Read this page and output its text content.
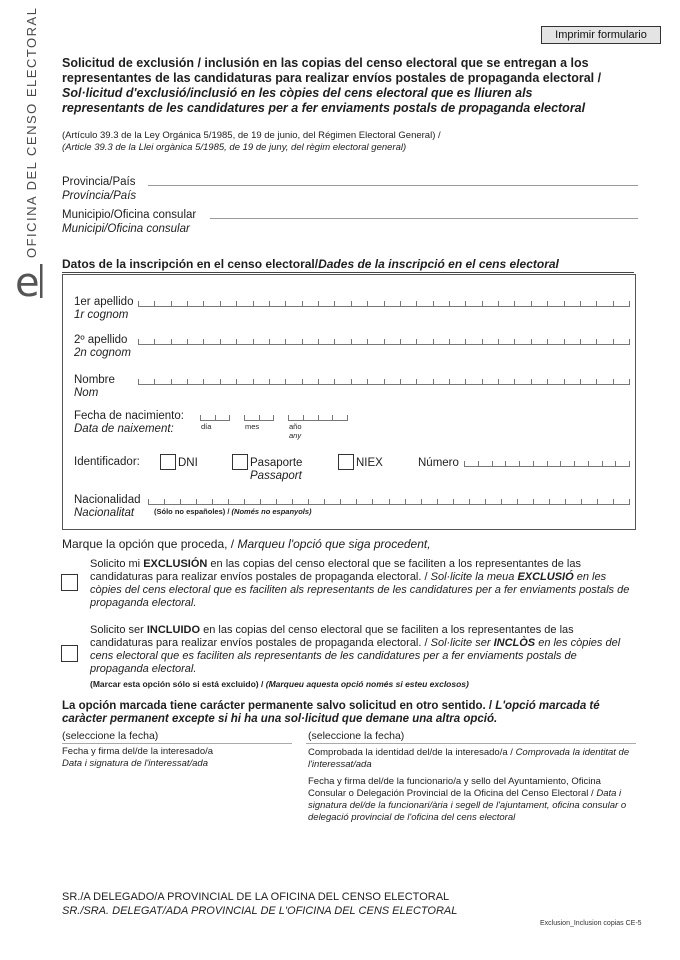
Imprimir formulario
e
OFICINA DEL CENSO ELECTORAL Solicitud de exclusión / inclusión en las copias del censo electoral que se entregan a los
representantes de las candidaturas para realizar envíos postales de propaganda electoral /
Sol·licitud d'exclusió/inclusió en les còpies del cens electoral que es lliuren als
representants de les candidatures per a fer enviaments postals de propaganda electoral
(Artículo 39.3 de la Ley Orgánica 5/1985, de 19 de junio, del Régimen Electoral General) /
(Article 39.3 de la Llei orgànica 5/1985, de 19 de juny, del règim electoral general)
Provincia/País
Província/País
Municipio/Oficina consular
Municipi/Oficina consular
Datos de la inscripción en el censo electoral/Dades de la inscripció en el cens electoral
1er apellido
1r cognom
2º apellido
2n cognom
Nombre
Nom
Fecha de nacimiento:
Data de naixement:	día	mes	año
any
Identificador:	DNI	Pasaporte
Passaport
NIEX	Número
Nacionalidad
Nacionalitat	(Sólo no españoles) / (Només no espanyols)
Marque la opción que proceda, / Marqueu l'opció que siga procedent,
Solicito mi EXCLUSIÓN en las copias del censo electoral que se faciliten a los representantes de las candidaturas para realizar envíos postales de propaganda electoral. / Sol·licite la meua EXCLUSIÓ en les còpies del cens electoral que es faciliten als representants de les candidatures per a fer enviaments postals de propaganda electoral.
Solicito ser INCLUIDO en las copias del censo electoral que se faciliten a los representantes de las candidaturas para realizar envíos postales de propaganda electoral. / Sol·licite ser INCLÒS en les còpies del cens electoral que es faciliten als representants de les candidatures per a fer enviaments postals de propaganda electoral.
(Marcar esta opción sólo si está excluido) / (Marqueu aquesta opció només si esteu exclosos)
La opción marcada tiene carácter permanente salvo solicitud en otro sentido. / L'opció marcada té caràcter permanent excepte si hi ha una sol·licitud que demane una altra opció.
(seleccione la fecha)
Fecha y firma del/de la interesado/a
Data i signatura de l'interessat/ada
(seleccione la fecha)
Comprobada la identidad del/de la interesado/a / Comprovada la identitat de l'interessat/ada
Fecha y firma del/de la funcionario/a y sello del Ayuntamiento, Oficina Consular o Delegación Provincial de la Oficina del Censo Electoral / Data i signatura del/de la funcionari/ària i segell de l'ajuntament, oficina consular o delegació provincial de l'oficina del cens electoral
SR./A DELEGADO/A PROVINCIAL DE LA OFICINA DEL CENSO ELECTORAL
SR./SRA. DELEGAT/ADA PROVINCIAL DE L'OFICINA DEL CENS ELECTORAL
Exclusion_Inclusion copias CE-5
